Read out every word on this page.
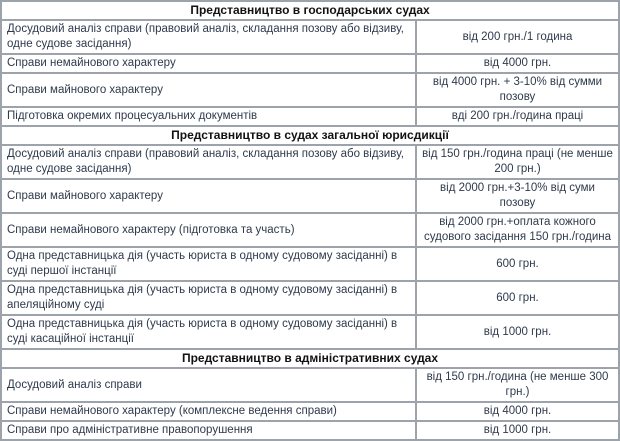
Представництво в господарських судах	
Досудовий аналіз справи (правовий аналіз, складання позову або відзиву, одне судове засідання)	від 200 грн./1 година
Справи немайнового характеру	від 4000 грн.
Справи майнового характеру	від 4000 грн. + 3-10% від сумми позову
Підготовка окремих процесуальних документів	вді 200 грн./година праці
Представництво в судах загальної юрисдикції	
Досудовий аналіз справи (правовий аналіз, складання позову або відзиву, одне судове засідання)	від 150 грн./година праці (не менше 200 грн.)
Справи майнового характеру	від 2000 грн.+3-10% від суми позову
Справи немайнового характеру (підготовка та участь)	від 2000 грн.+оплата кожного судового засідання 150 грн./година
Одна представницька дія (участь юриста в одному судовому засіданні) в суді першої інстанції	600 грн.
Одна представницька дія (участь юриста в одному судовому засіданні) в апеляційному суді	600 грн.
Одна представницька дія (участь юриста в одному судовому засіданні) в суді касаційної інстанції	від 1000 грн.
Представництво в адміністративних судах	
Досудовий аналіз справи	від 150 грн./година (не менше 300 грн.)
Справи немайнового характеру (комплексне ведення справи)	від 4000 грн.
Справи про адміністративне правопорушення	від 1000 грн.
